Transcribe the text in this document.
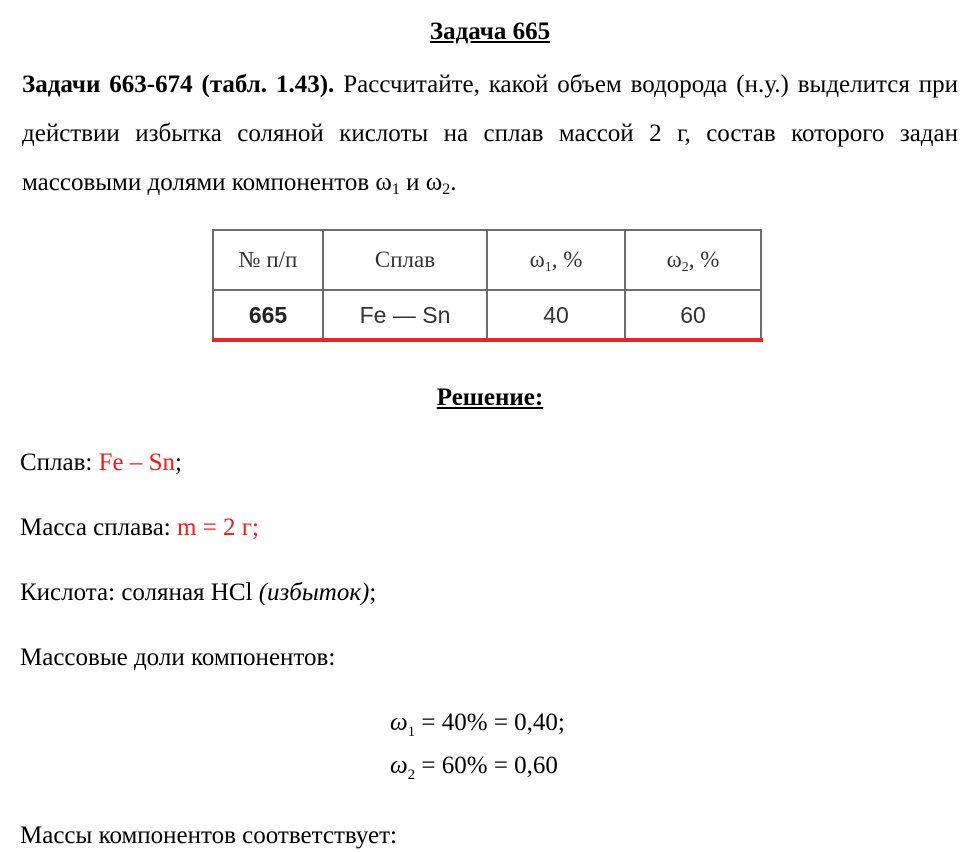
Задача 665
Задачи 663-674 (табл. 1.43). Рассчитайте, какой объем водорода (н.у.) выделится при действии избытка соляной кислоты на сплав массой 2 г, состав которого задан массовыми долями компонентов $\omega_1$ и $\omega_2$.
№ п/п	Сплав	$\omega_1$, %	$\omega_2$, %
665	Fe — Sn	40	60
Решение:
Сплав: Fe – Sn;
Масса сплава: m = 2 г;
Кислота: соляная HCl (избыток);
Массовые доли компонентов:
$\omega_1 = 40\% = 0,40$;
$\omega_2 = 60\% = 0,60$
Массы компонентов соответствует:
